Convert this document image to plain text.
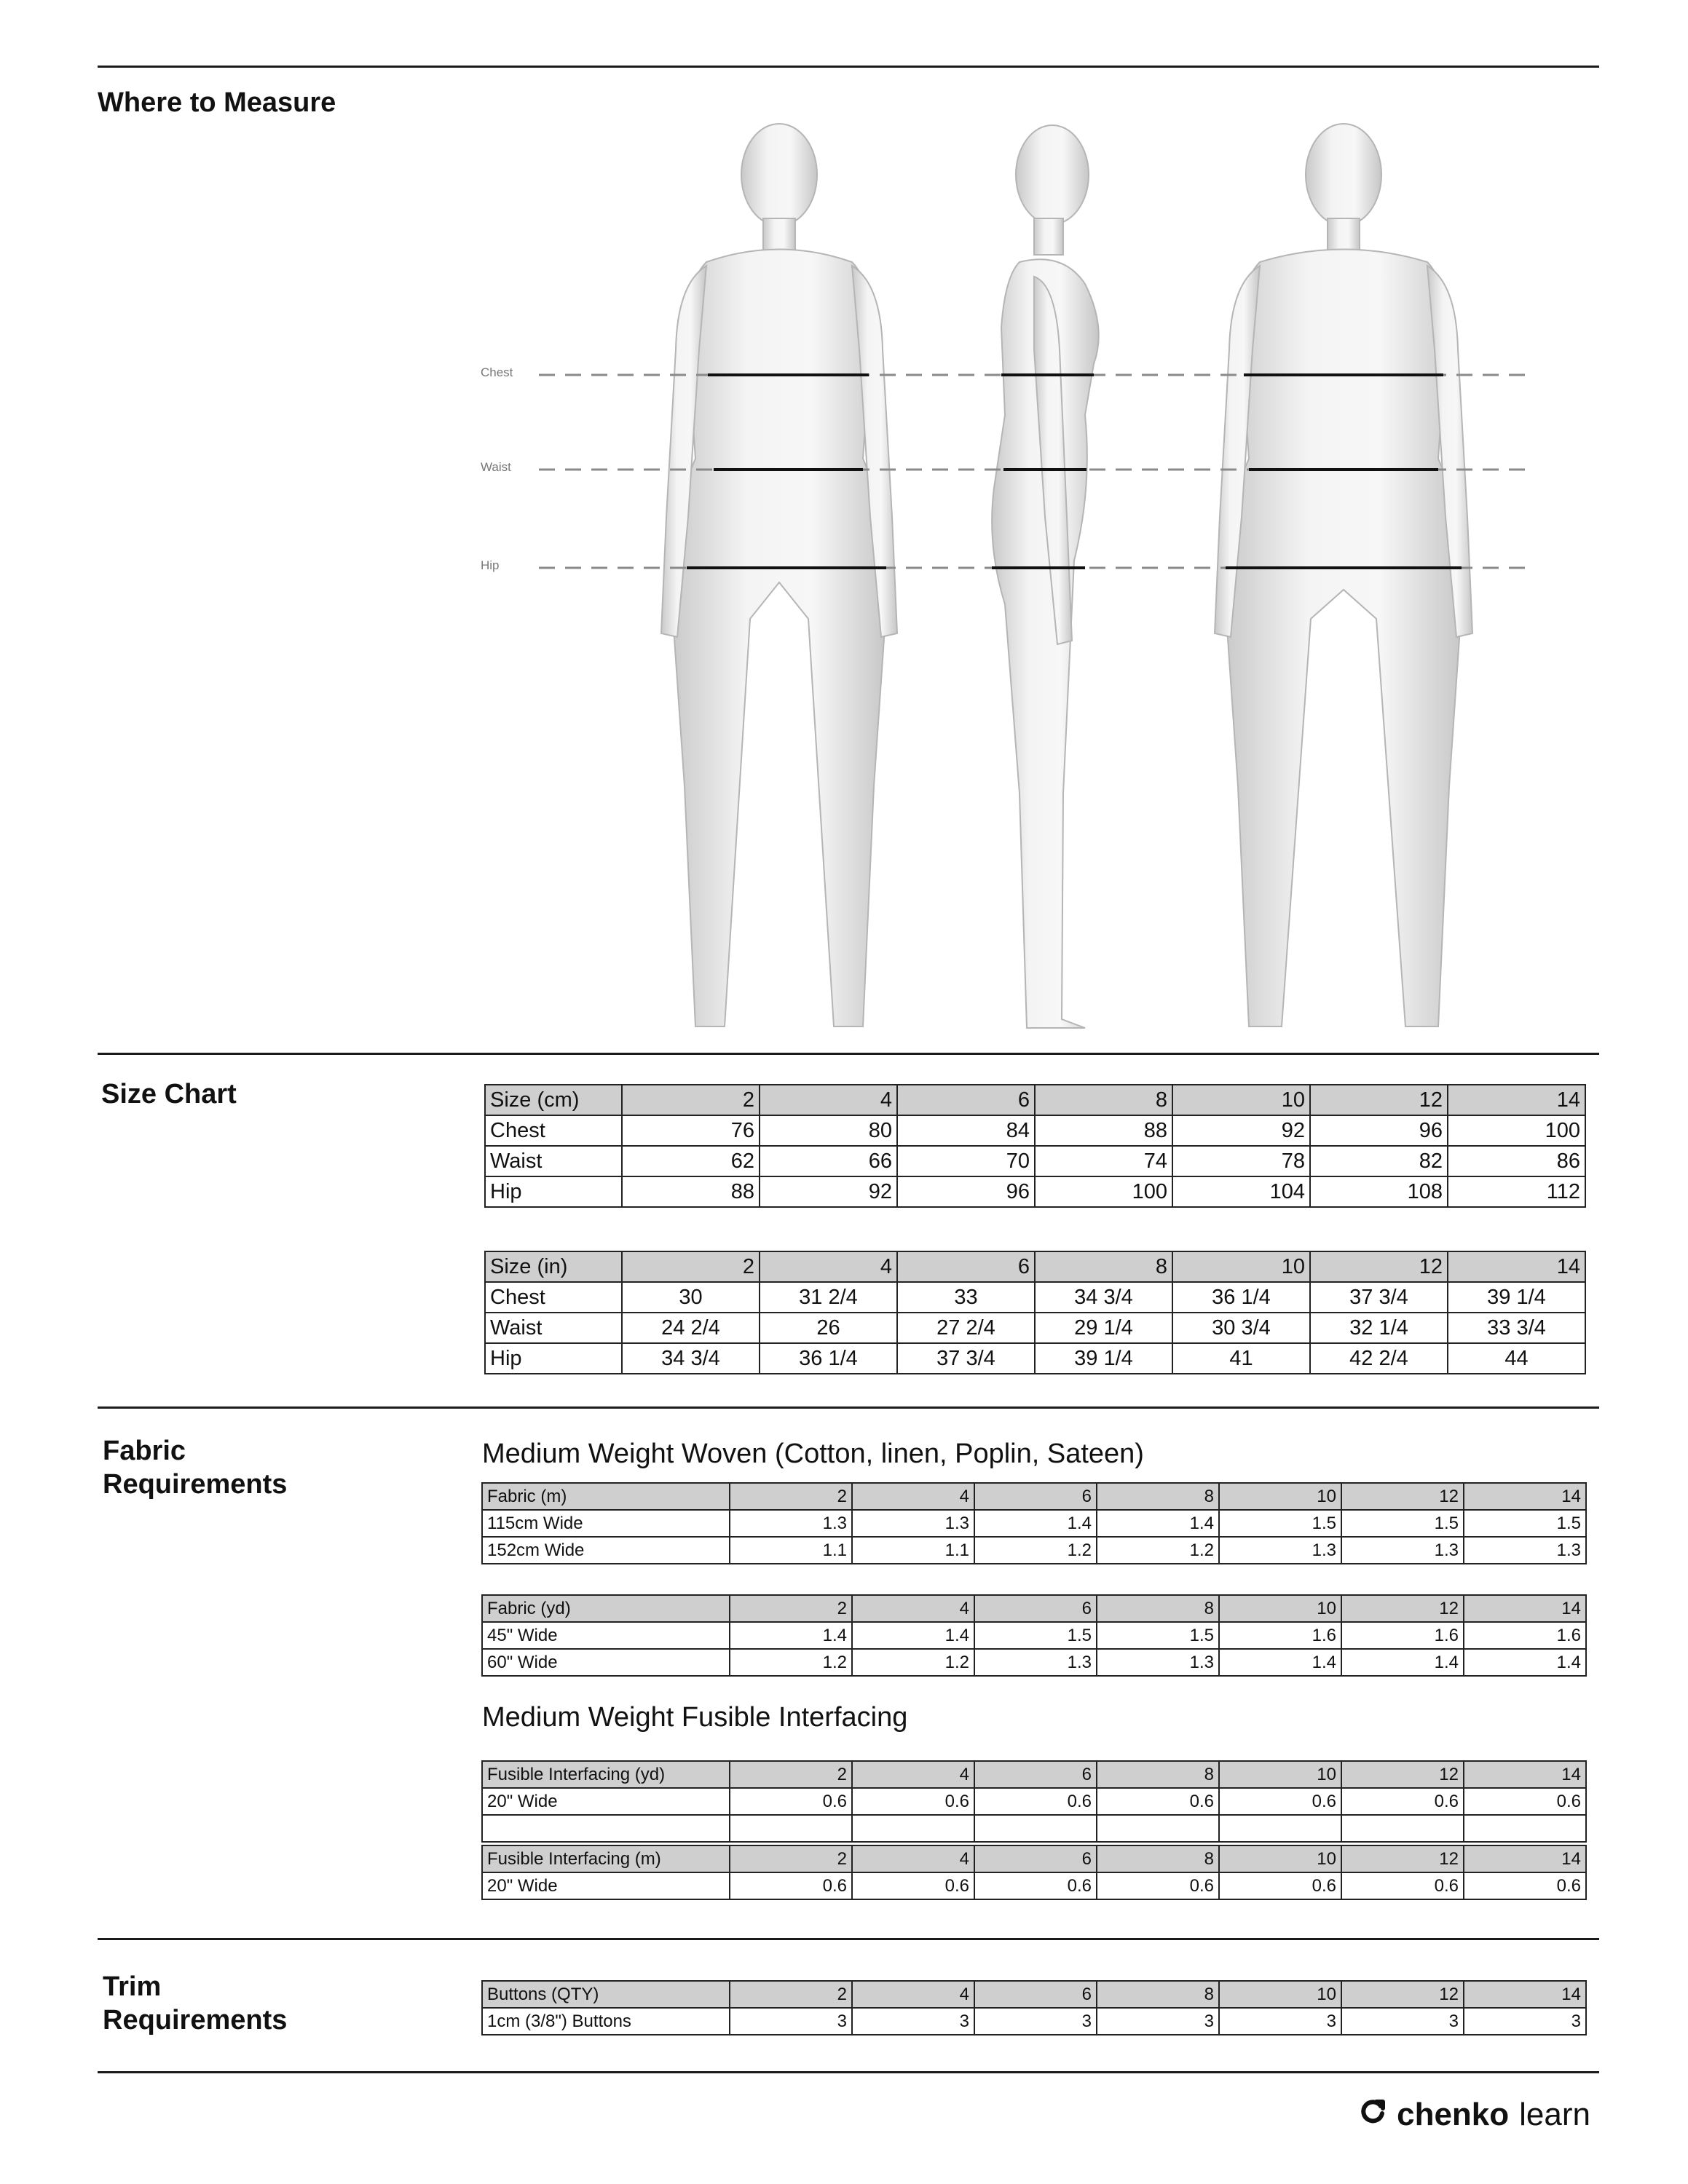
Where to Measure
Size Chart
Fabric
Requirements
Trim
Requirements
Chest
Waist
Hip
Size (cm)	2	4	6	8	10	12	14
Chest	76	80	84	88	92	96	100
Waist	62	66	70	74	78	82	86
Hip	88	92	96	100	104	108	112
Size (in)	2	4	6	8	10	12	14
Chest	30	31 2/4	33	34 3/4	36 1/4	37 3/4	39 1/4
Waist	24 2/4	26	27 2/4	29 1/4	30 3/4	32 1/4	33 3/4
Hip	34 3/4	36 1/4	37 3/4	39 1/4	41	42 2/4	44
Medium Weight Woven (Cotton, linen, Poplin, Sateen)
Fabric (m)	2	4	6	8	10	12	14
115cm Wide	1.3	1.3	1.4	1.4	1.5	1.5	1.5
152cm Wide	1.1	1.1	1.2	1.2	1.3	1.3	1.3
Fabric (yd)	2	4	6	8	10	12	14
45" Wide	1.4	1.4	1.5	1.5	1.6	1.6	1.6
60" Wide	1.2	1.2	1.3	1.3	1.4	1.4	1.4
Medium Weight Fusible Interfacing
Fusible Interfacing (yd)	2	4	6	8	10	12	14
20" Wide	0.6	0.6	0.6	0.6	0.6	0.6	0.6

Fusible Interfacing (m)	2	4	6	8	10	12	14
20" Wide	0.6	0.6	0.6	0.6	0.6	0.6	0.6
Buttons (QTY)	2	4	6	8	10	12	14
1cm (3/8") Buttons	3	3	3	3	3	3	3
chenko learn
